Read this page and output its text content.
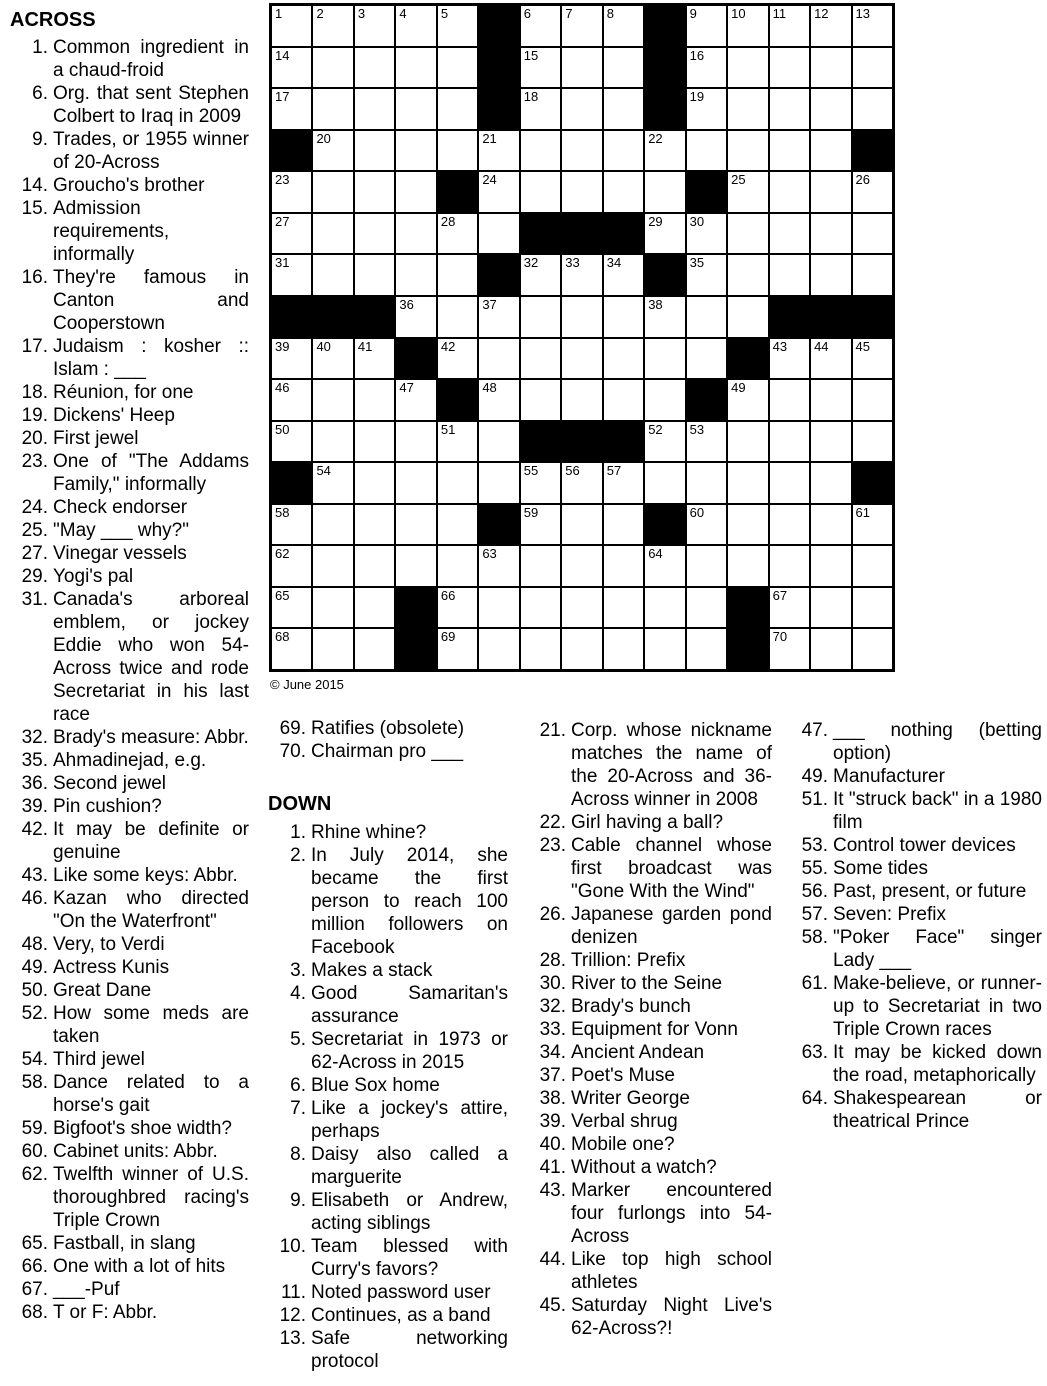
ACROSS
1. Common ingredient in a chaud-froid
6. Org. that sent Stephen Colbert to Iraq in 2009
9. Trades, or 1955 winner of 20-Across
14. Groucho's brother
15. Admission requirements, informally
16. They're famous in Canton and Cooperstown
17. Judaism : kosher :: Islam : ___
18. Réunion, for one
19. Dickens' Heep
20. First jewel
23. One of "The Addams Family," informally
24. Check endorser
25. "May ___ why?"
27. Vinegar vessels
29. Yogi's pal
31. Canada's arboreal emblem, or jockey Eddie who won 54-Across twice and rode Secretariat in his last race
32. Brady's measure: Abbr.
35. Ahmadinejad, e.g.
36. Second jewel
39. Pin cushion?
42. It may be definite or genuine
43. Like some keys: Abbr.
46. Kazan who directed "On the Waterfront"
48. Very, to Verdi
49. Actress Kunis
50. Great Dane
52. How some meds are taken
54. Third jewel
58. Dance related to a horse's gait
59. Bigfoot's shoe width?
60. Cabinet units: Abbr.
62. Twelfth winner of U.S. thoroughbred racing's Triple Crown
65. Fastball, in slang
66. One with a lot of hits
67. ___-Puf
68. T or F: Abbr.
1	2	3	4	5	6	7	8	9	10 11 12 13
14	15	16
17	18	19
20	21	22
23	24	25	26
27	28	29 30
31	32 33 34	35
36	37	38
39 40 41	42	43 44 45
46	47	48	49
50	51	52 53
54	55 56 57
58	59	60	61
62	63	64
65	66	67
68	69	70
© June 2015
69. Ratifies (obsolete)
70. Chairman pro ___
DOWN
1. Rhine whine?
2. In July 2014, she became the first person to reach 100 million followers on Facebook
3. Makes a stack
4. Good Samaritan's assurance
5. Secretariat in 1973 or 62-Across in 2015
6. Blue Sox home
7. Like a jockey's attire, perhaps
8. Daisy also called a marguerite
9. Elisabeth or Andrew, acting siblings
10. Team blessed with Curry's favors?
11. Noted password user
12. Continues, as a band
13. Safe networking protocol
21. Corp. whose nickname matches the name of the 20-Across and 36-Across winner in 2008
22. Girl having a ball?
23. Cable channel whose first broadcast was "Gone With the Wind"
26. Japanese garden pond denizen
28. Trillion: Prefix
30. River to the Seine
32. Brady's bunch
33. Equipment for Vonn
34. Ancient Andean
37. Poet's Muse
38. Writer George
39. Verbal shrug
40. Mobile one?
41. Without a watch?
43. Marker encountered four furlongs into 54-Across
44. Like top high school athletes
45. Saturday Night Live's 62-Across?!
47. ___ nothing (betting option)
49. Manufacturer
51. It "struck back" in a 1980 film
53. Control tower devices
55. Some tides
56. Past, present, or future
57. Seven: Prefix
58. "Poker Face" singer Lady ___
61. Make-believe, or runner-up to Secretariat in two Triple Crown races
63. It may be kicked down the road, metaphorically
64. Shakespearean or theatrical Prince
